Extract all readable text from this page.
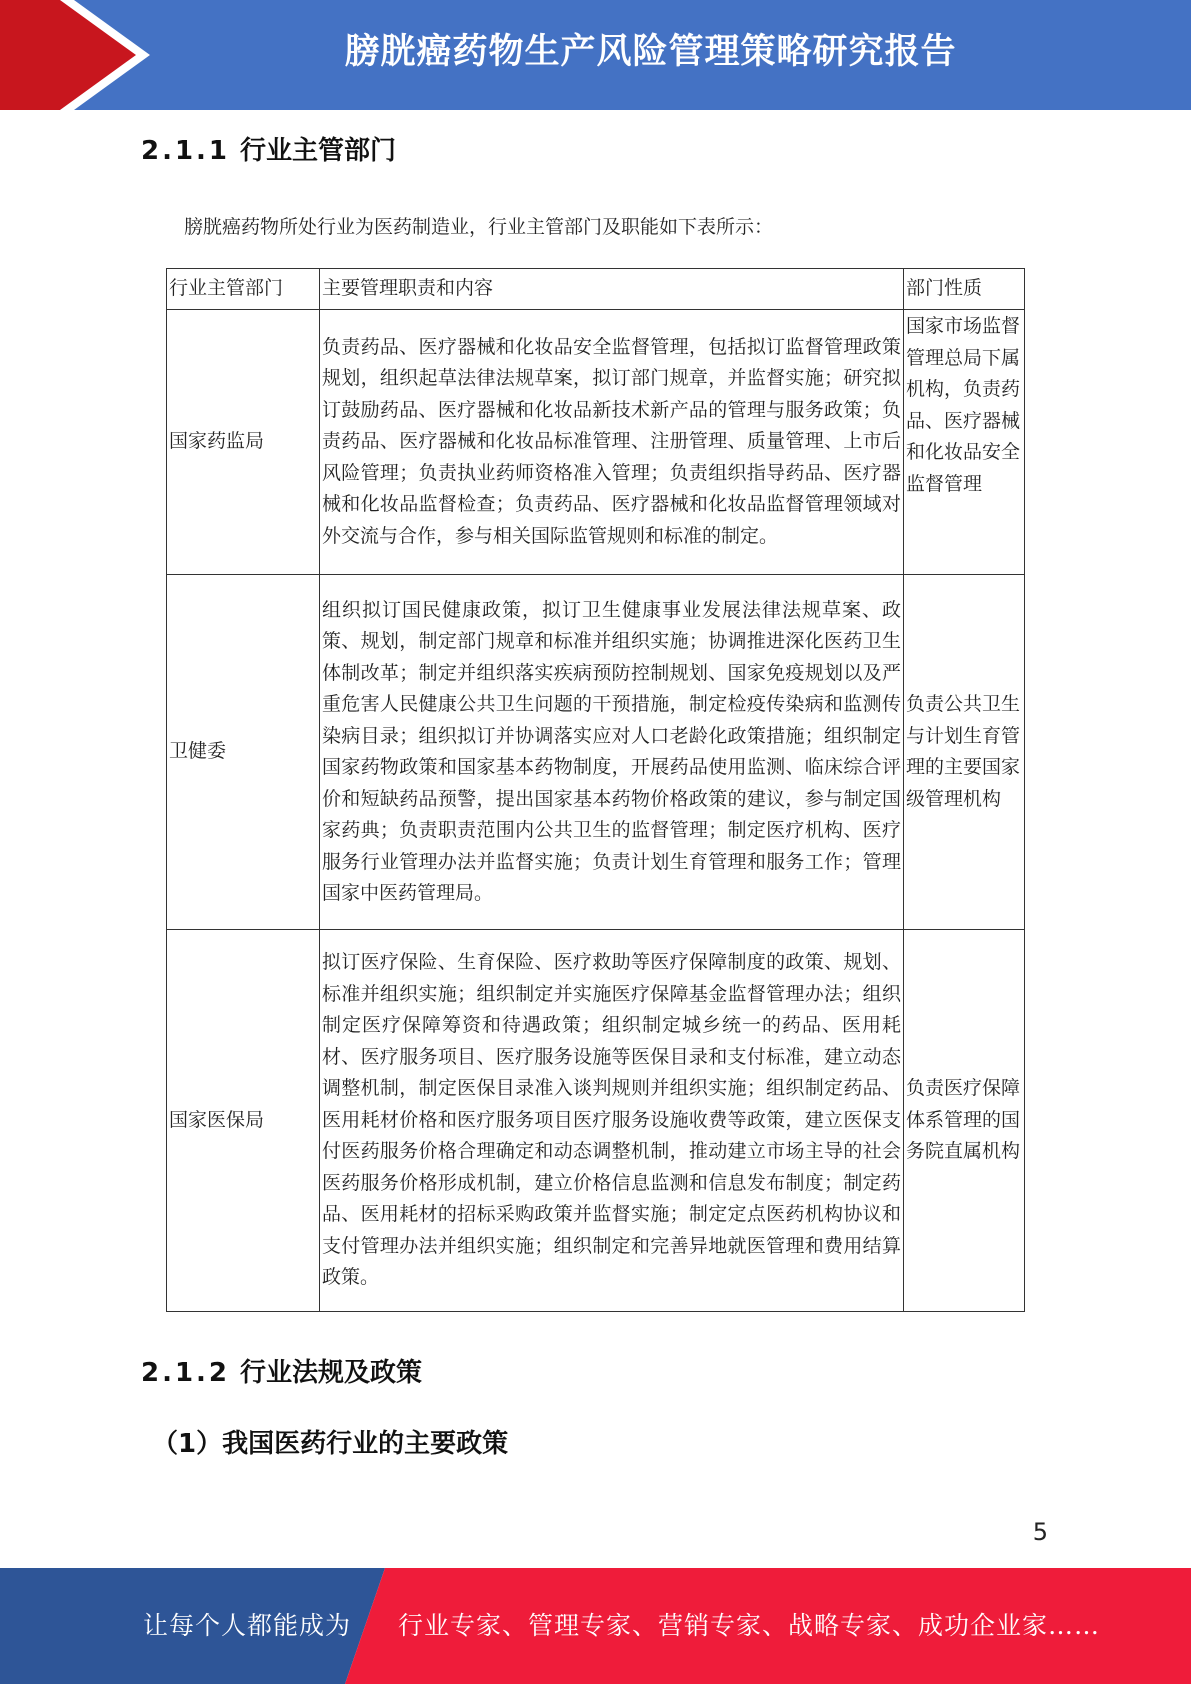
膀胱癌药物生产风险管理策略研究报告
2.1.1 行业主管部门
膀胱癌药物所处行业为医药制造业，行业主管部门及职能如下表所示：
行业主管部门	主要管理职责和内容	部门性质
国家药监局	负责药品、医疗器械和化妆品安全监督管理，包括拟订监督管理政策规划，组织起草法律法规草案，拟订部门规章，并监督实施；研究拟订鼓励药品、医疗器械和化妆品新技术新产品的管理与服务政策；负责药品、医疗器械和化妆品标准管理、注册管理、质量管理、上市后风险管理；负责执业药师资格准入管理；负责组织指导药品、医疗器械和化妆品监督检查；负责药品、医疗器械和化妆品监督管理领域对外交流与合作，参与相关国际监管规则和标准的制定。	国家市场监督管理总局下属机构，负责药品、医疗器械和化妆品安全监督管理
卫健委	组织拟订国民健康政策，拟订卫生健康事业发展法律法规草案、政策、规划，制定部门规章和标准并组织实施；协调推进深化医药卫生体制改革；制定并组织落实疾病预防控制规划、国家免疫规划以及严重危害人民健康公共卫生问题的干预措施，制定检疫传染病和监测传染病目录；组织拟订并协调落实应对人口老龄化政策措施；组织制定国家药物政策和国家基本药物制度，开展药品使用监测、临床综合评价和短缺药品预警，提出国家基本药物价格政策的建议，参与制定国家药典；负责职责范围内公共卫生的监督管理；制定医疗机构、医疗服务行业管理办法并监督实施；负责计划生育管理和服务工作；管理国家中医药管理局。	负责公共卫生与计划生育管理的主要国家级管理机构
国家医保局	拟订医疗保险、生育保险、医疗救助等医疗保障制度的政策、规划、标准并组织实施；组织制定并实施医疗保障基金监督管理办法；组织制定医疗保障筹资和待遇政策；组织制定城乡统一的药品、医用耗材、医疗服务项目、医疗服务设施等医保目录和支付标准，建立动态调整机制，制定医保目录准入谈判规则并组织实施；组织制定药品、医用耗材价格和医疗服务项目医疗服务设施收费等政策，建立医保支付医药服务价格合理确定和动态调整机制，推动建立市场主导的社会医药服务价格形成机制，建立价格信息监测和信息发布制度；制定药品、医用耗材的招标采购政策并监督实施；制定定点医药机构协议和支付管理办法并组织实施；组织制定和完善异地就医管理和费用结算政策。	负责医疗保障体系管理的国务院直属机构
2.1.2 行业法规及政策
（1）我国医药行业的主要政策
5
让每个人都能成为 行业专家、管理专家、营销专家、战略专家、成功企业家……
